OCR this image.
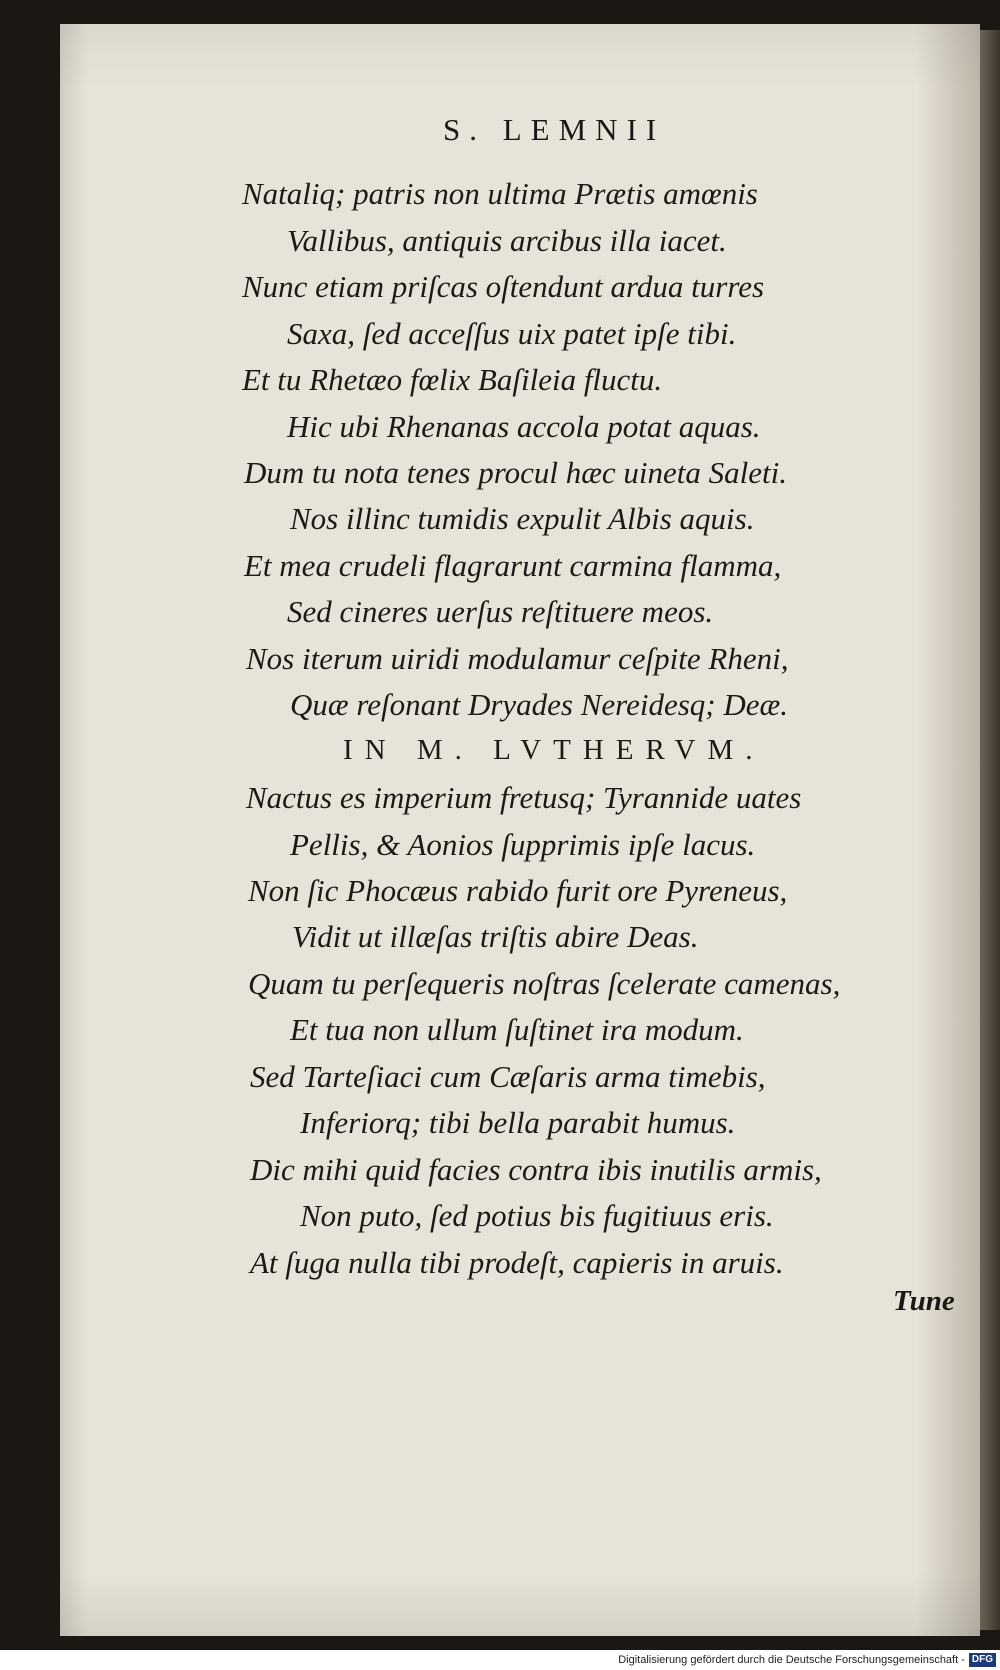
S. LEMNII
Nataliq; patris non ultima Prætis amœnis
Vallibus, antiquis arcibus illa iacet.
Nunc etiam priſcas oſtendunt ardua turres
Saxa, ſed acceſſus uix patet ipſe tibi.
Et tu Rhetæo fœlix Baſileia fluctu.
Hic ubi Rhenanas accola potat aquas.
Dum tu nota tenes procul hæc uineta Saleti.
Nos illinc tumidis expulit Albis aquis.
Et mea crudeli flagrarunt carmina flamma,
Sed cineres uerſus reſtituere meos.
Nos iterum uiridi modulamur ceſpite Rheni,
Quæ reſonant Dryades Nereidesq; Deæ.
IN M. LVTHERVM.
Nactus es imperium fretusq; Tyrannide uates
Pellis, & Aonios ſupprimis ipſe lacus.
Non ſic Phocæus rabido furit ore Pyreneus,
Vidit ut illæſas triſtis abire Deas.
Quam tu perſequeris noſtras ſcelerate camenas,
Et tua non ullum ſuſtinet ira modum.
Sed Tarteſiaci cum Cæſaris arma timebis,
Inferiorq; tibi bella parabit humus.
Dic mihi quid facies contra ibis inutilis armis,
Non puto, ſed potius bis fugitiuus eris.
At ſuga nulla tibi prodeſt, capieris in aruis.
Tune
Digitalisierung gefördert durch die Deutsche Forschungsgemeinschaft - DFG
